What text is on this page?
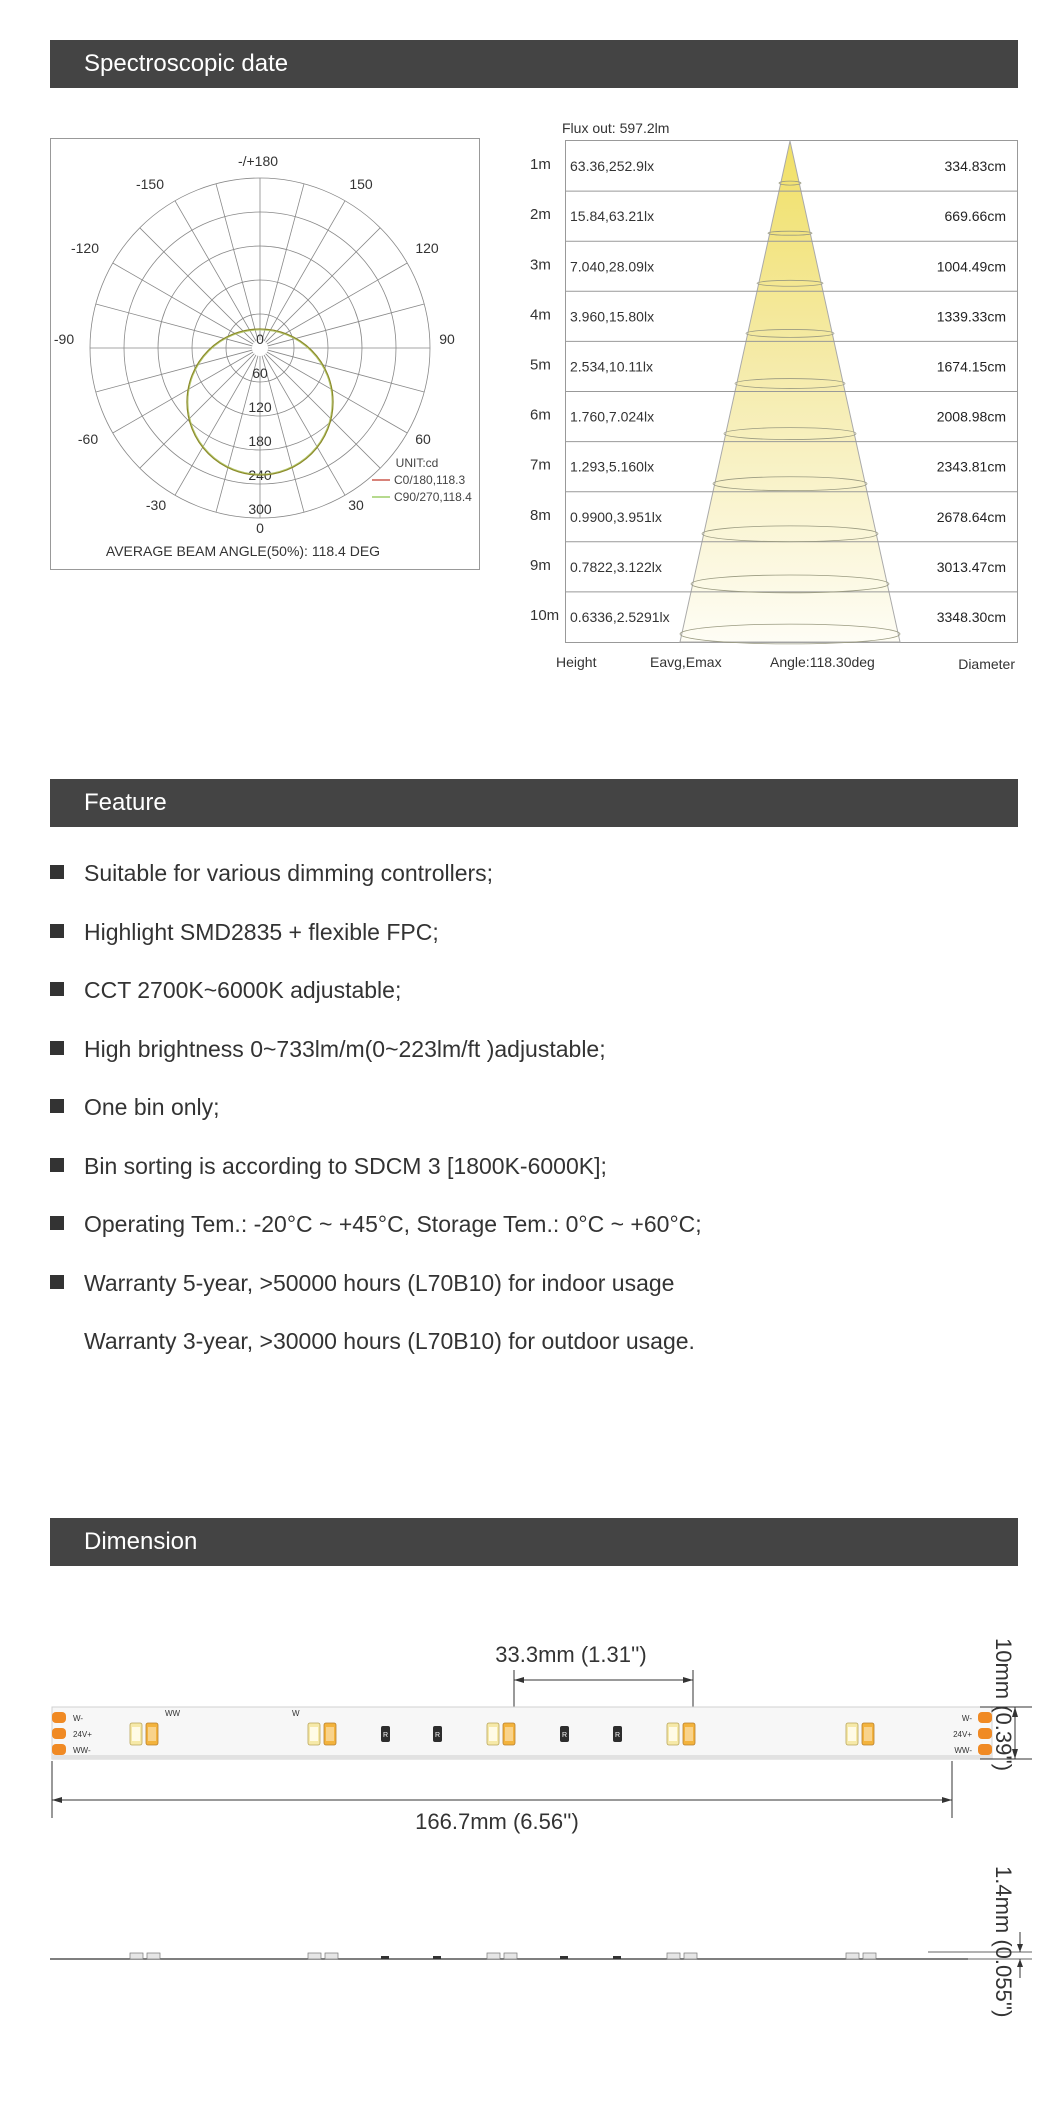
Spectroscopic date
-/+180
-150	150
-120	120
-90	90
-60	60
-30	30
0
0
60
120
180
240
300
UNIT:cd
C0/180,118.3
C90/270,118.4
AVERAGE BEAM ANGLE(50%): 118.4 DEG
Flux out: 597.2lm
1m 63.36,252.9lx	334.83cm
2m 15.84,63.21lx	669.66cm
3m 7.040,28.09lx	1004.49cm
4m 3.960,15.80lx	1339.33cm
5m 2.534,10.11lx	1674.15cm
6m 1.760,7.024lx	2008.98cm
7m 1.293,5.160lx	2343.81cm
8m 0.9900,3.951lx	2678.64cm
9m 0.7822,3.122lx	3013.47cm
10m 0.6336,2.5291lx	3348.30cm
Height	Eavg,Emax	Angle:118.30deg	Diameter
Feature
Suitable for various dimming controllers;
Highlight SMD2835 + flexible FPC;
CCT 2700K~6000K adjustable;
High brightness 0~733lm/m(0~223lm/ft )adjustable;
One bin only;
Bin sorting is according to SDCM 3 [1800K-6000K];
Operating Tem.: -20°C ~ +45°C, Storage Tem.: 0°C ~ +60°C;
Warranty 5-year, >50000 hours (L70B10) for indoor usage
Warranty 3-year, >30000 hours (L70B10) for outdoor usage.
Dimension
33.3mm (1.31'')
W-
24V+
WW-
W-
24V+
WW-
WW	W
R	R	R	R
166.7mm (6.56'')
10mm (0.39'')
1.4mm (0.055'')
